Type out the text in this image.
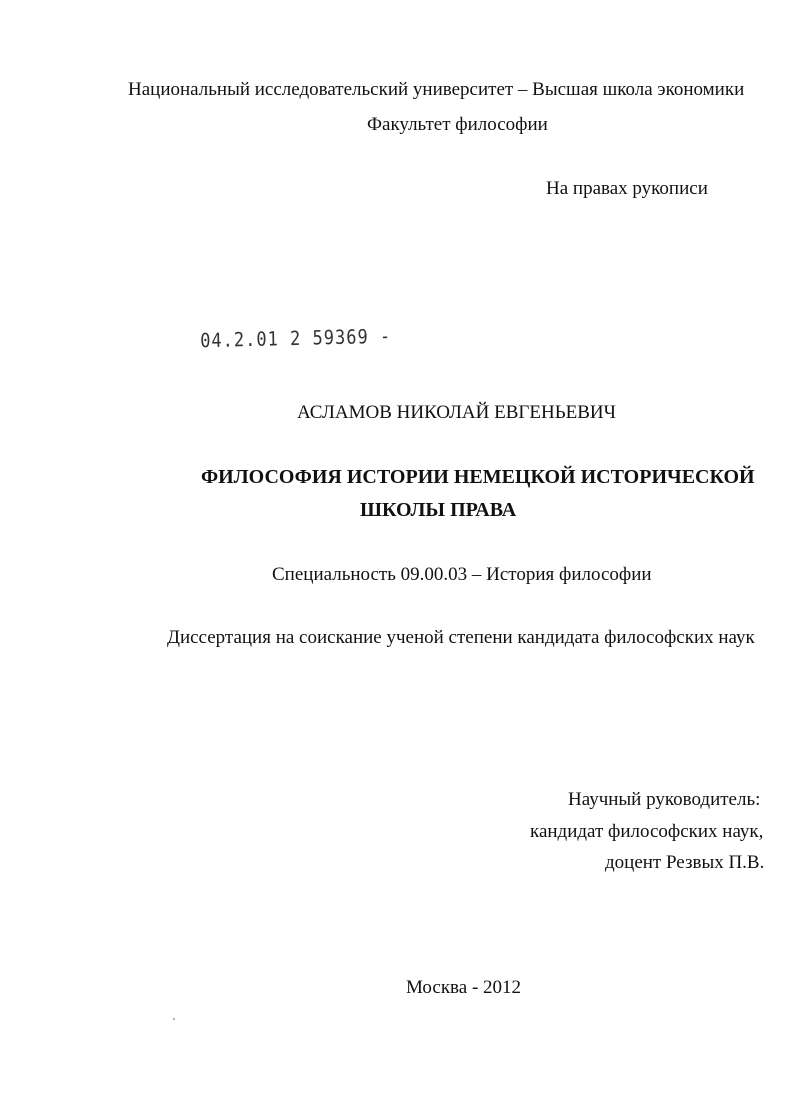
Национальный исследовательский университет – Высшая школа экономики
Факультет философии
На правах рукописи
04.2.01 2 59369 -
АСЛАМОВ НИКОЛАЙ ЕВГЕНЬЕВИЧ
ФИЛОСОФИЯ ИСТОРИИ НЕМЕЦКОЙ ИСТОРИЧЕСКОЙ
ШКОЛЫ ПРАВА
Специальность 09.00.03 – История философии
Диссертация на соискание ученой степени кандидата философских наук
Научный руководитель:
кандидат философских наук,
доцент Резвых П.В.
Москва - 2012
